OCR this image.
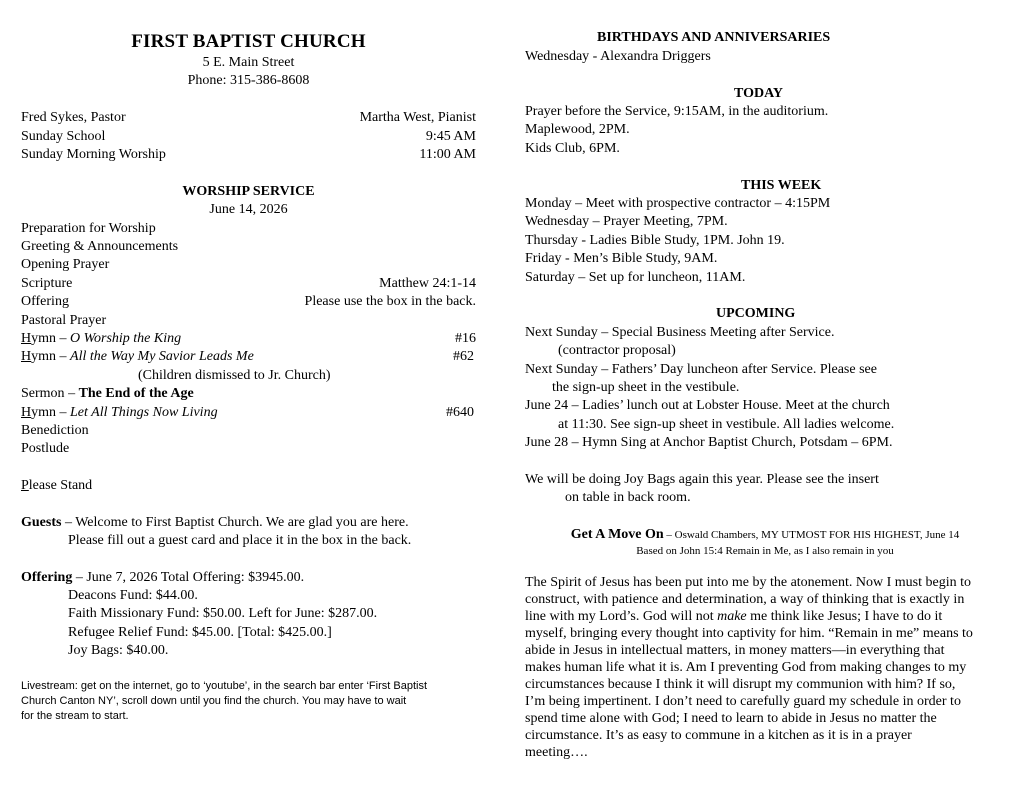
FIRST BAPTIST CHURCH
5 E. Main Street
Phone: 315-386-8608
Fred Sykes, Pastor	Martha West, Pianist
Sunday School	9:45 AM
Sunday Morning Worship	11:00 AM
WORSHIP SERVICE
June 14, 2026
Preparation for Worship
Greeting & Announcements
Opening Prayer
Scripture	Matthew 24:1-14
Offering	Please use the box in the back.
Pastoral Prayer
Hymn – O Worship the King	#16
Hymn – All the Way My Savior Leads Me	#62
(Children dismissed to Jr. Church)
Sermon – The End of the Age
Hymn – Let All Things Now Living	#640
Benediction
Postlude
Please Stand
Guests – Welcome to First Baptist Church. We are glad you are here.
Please fill out a guest card and place it in the box in the back.
Offering – June 7, 2026 Total Offering: $3945.00.
Deacons Fund: $44.00.
Faith Missionary Fund: $50.00. Left for June: $287.00.
Refugee Relief Fund: $45.00. [Total: $425.00.]
Joy Bags: $40.00.
Livestream: get on the internet, go to ‘youtube’, in the search bar enter ‘First Baptist
Church Canton NY’, scroll down until you find the church. You may have to wait
for the stream to start.
BIRTHDAYS AND ANNIVERSARIES
Wednesday - Alexandra Driggers
TODAY
Prayer before the Service, 9:15AM, in the auditorium.
Maplewood, 2PM.
Kids Club, 6PM.
THIS WEEK
Monday – Meet with prospective contractor – 4:15PM
Wednesday – Prayer Meeting, 7PM.
Thursday - Ladies Bible Study, 1PM. John 19.
Friday - Men’s Bible Study, 9AM.
Saturday – Set up for luncheon, 11AM.
UPCOMING
Next Sunday – Special Business Meeting after Service.
(contractor proposal)
Next Sunday – Fathers’ Day luncheon after Service. Please see
the sign-up sheet in the vestibule.
June 24 – Ladies’ lunch out at Lobster House. Meet at the church
at 11:30. See sign-up sheet in vestibule. All ladies welcome.
June 28 – Hymn Sing at Anchor Baptist Church, Potsdam – 6PM.
We will be doing Joy Bags again this year. Please see the insert
on table in back room.
Get A Move On – Oswald Chambers, MY UTMOST FOR HIS HIGHEST, June 14
Based on John 15:4 Remain in Me, as I also remain in you
The Spirit of Jesus has been put into me by the atonement. Now I must begin to
construct, with patience and determination, a way of thinking that is exactly in
line with my Lord’s. God will not make me think like Jesus; I have to do it
myself, bringing every thought into captivity for him. “Remain in me” means to
abide in Jesus in intellectual matters, in money matters—in everything that
makes human life what it is. Am I preventing God from making changes to my
circumstances because I think it will disrupt my communion with him? If so,
I’m being impertinent. I don’t need to carefully guard my schedule in order to
spend time alone with God; I need to learn to abide in Jesus no matter the
circumstance. It’s as easy to commune in a kitchen as it is in a prayer
meeting….
